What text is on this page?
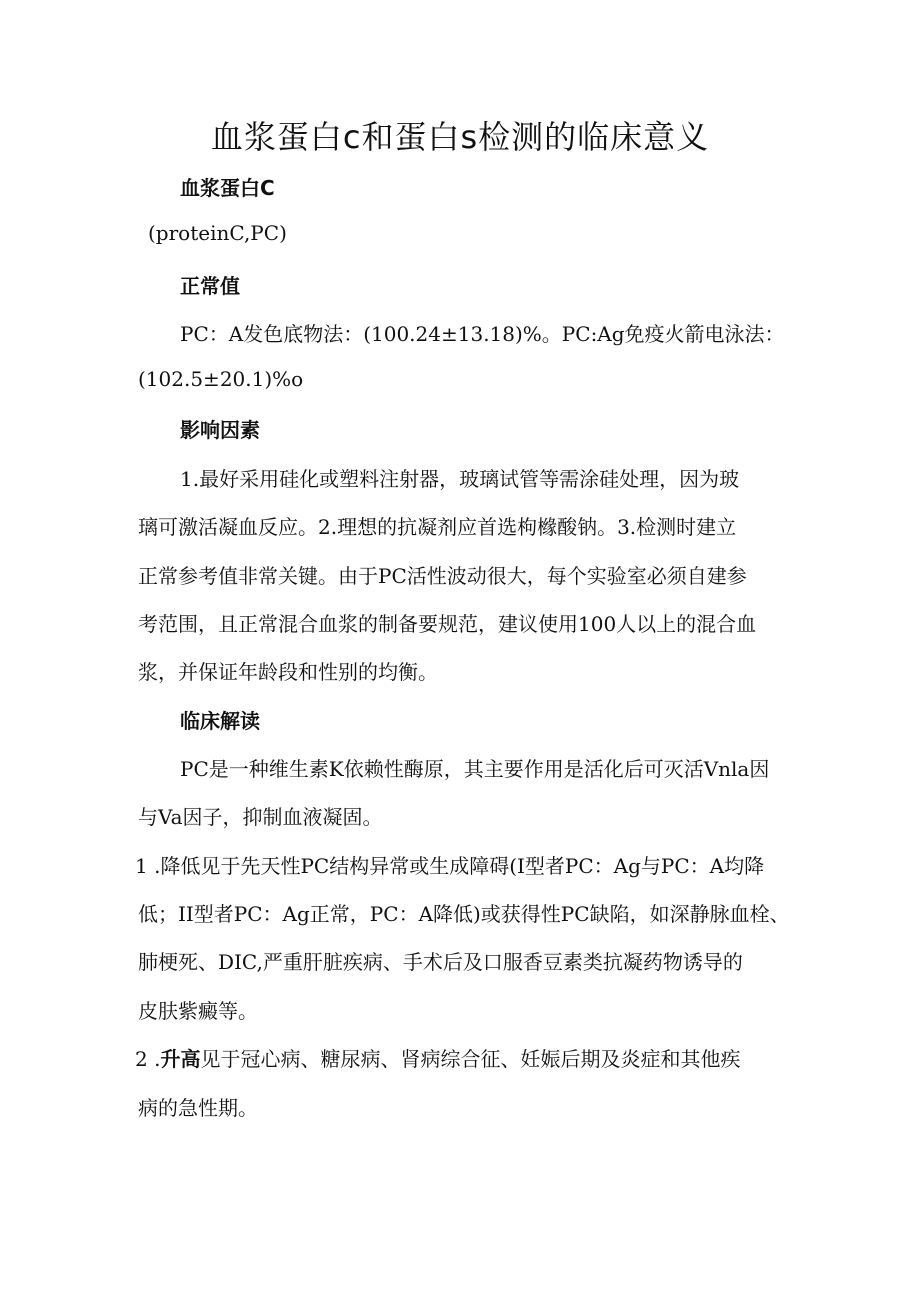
血浆蛋白c和蛋白s检测的临床意义
血浆蛋白C

(proteinC,PC)

正常值

PC：A发色底物法：(100.24±13.18)%。PC:Ag免疫火箭电泳法：

(102.5±20.1)%o

影响因素

1.最好采用硅化或塑料注射器，玻璃试管等需涂硅处理，因为玻

璃可激活凝血反应。2.理想的抗凝剂应首选枸橼酸钠。3.检测时建立

正常参考值非常关键。由于PC活性波动很大，每个实验室必须自建参

考范围，且正常混合血浆的制备要规范，建议使用100人以上的混合血

浆，并保证年龄段和性别的均衡。

临床解读

PC是一种维生素K依赖性酶原，其主要作用是活化后可灭活Vnla因

与Va因子，抑制血液凝固。

1 .降低见于先天性PC结构异常或生成障碍(I型者PC：Ag与PC：A均降

低；II型者PC：Ag正常，PC：A降低)或获得性PC缺陷，如深静脉血栓、

肺梗死、DIC,严重肝脏疾病、手术后及口服香豆素类抗凝药物诱导的

皮肤紫癜等。

2 .升高见于冠心病、糖尿病、肾病综合征、妊娠后期及炎症和其他疾

病的急性期。
